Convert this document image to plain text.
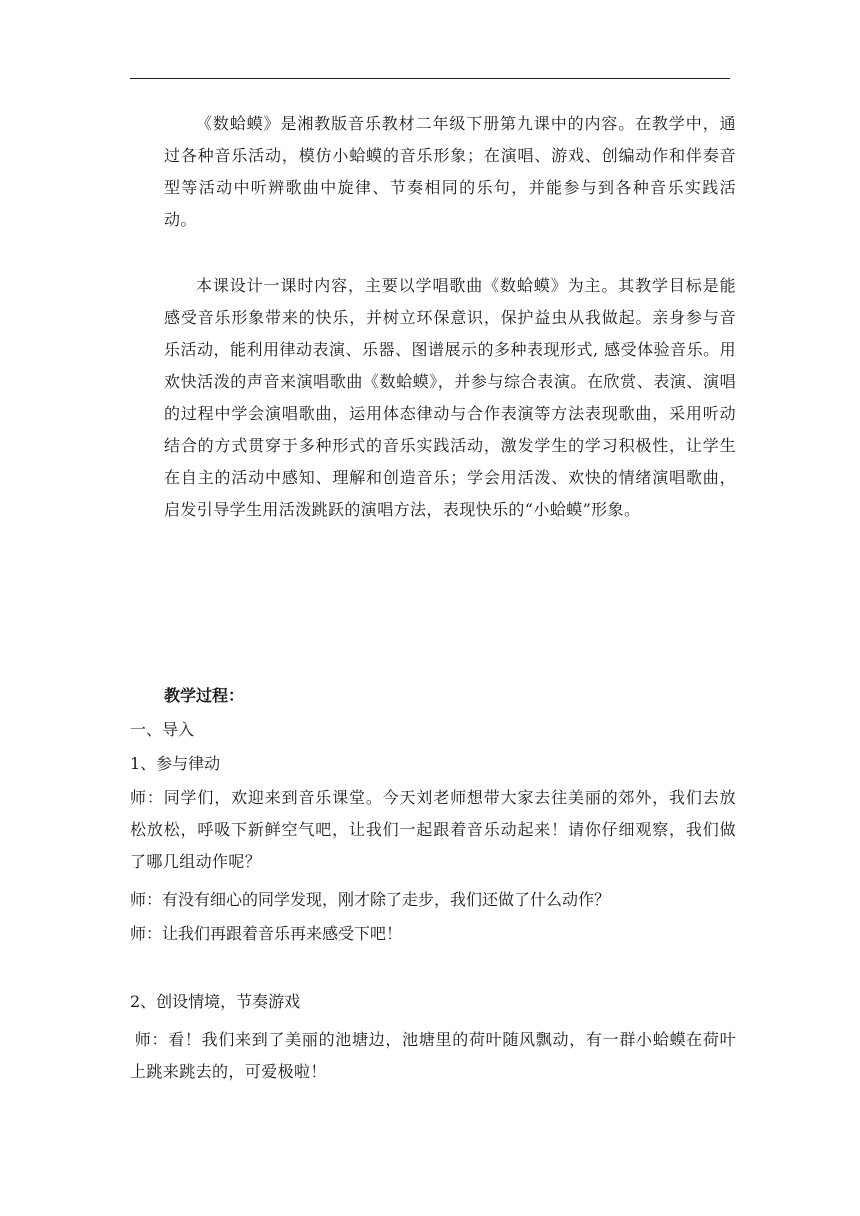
《数蛤蟆》是湘教版音乐教材二年级下册第九课中的内容。在教学中，通过各种音乐活动，模仿小蛤蟆的音乐形象；在演唱、游戏、创编动作和伴奏音型等活动中听辨歌曲中旋律、节奏相同的乐句，并能参与到各种音乐实践活动。

本课设计一课时内容，主要以学唱歌曲《数蛤蟆》为主。其教学目标是能感受音乐形象带来的快乐，并树立环保意识，保护益虫从我做起。亲身参与音乐活动，能利用律动表演、乐器、图谱展示的多种表现形式, 感受体验音乐。用欢快活泼的声音来演唱歌曲《数蛤蟆》，并参与综合表演。在欣赏、表演、演唱的过程中学会演唱歌曲，运用体态律动与合作表演等方法表现歌曲，采用听动结合的方式贯穿于多种形式的音乐实践活动，激发学生的学习积极性，让学生在自主的活动中感知、理解和创造音乐；学会用活泼、欢快的情绪演唱歌曲，启发引导学生用活泼跳跃的演唱方法，表现快乐的“小蛤蟆”形象。

教学过程：

一、导入

1、参与律动

师：同学们，欢迎来到音乐课堂。今天刘老师想带大家去往美丽的郊外，我们去放松放松，呼吸下新鲜空气吧，让我们一起跟着音乐动起来！请你仔细观察，我们做了哪几组动作呢？

师：有没有细心的同学发现，刚才除了走步，我们还做了什么动作？

师：让我们再跟着音乐再来感受下吧！

2、创设情境，节奏游戏

师：看！我们来到了美丽的池塘边，池塘里的荷叶随风飘动，有一群小蛤蟆在荷叶上跳来跳去的，可爱极啦！
